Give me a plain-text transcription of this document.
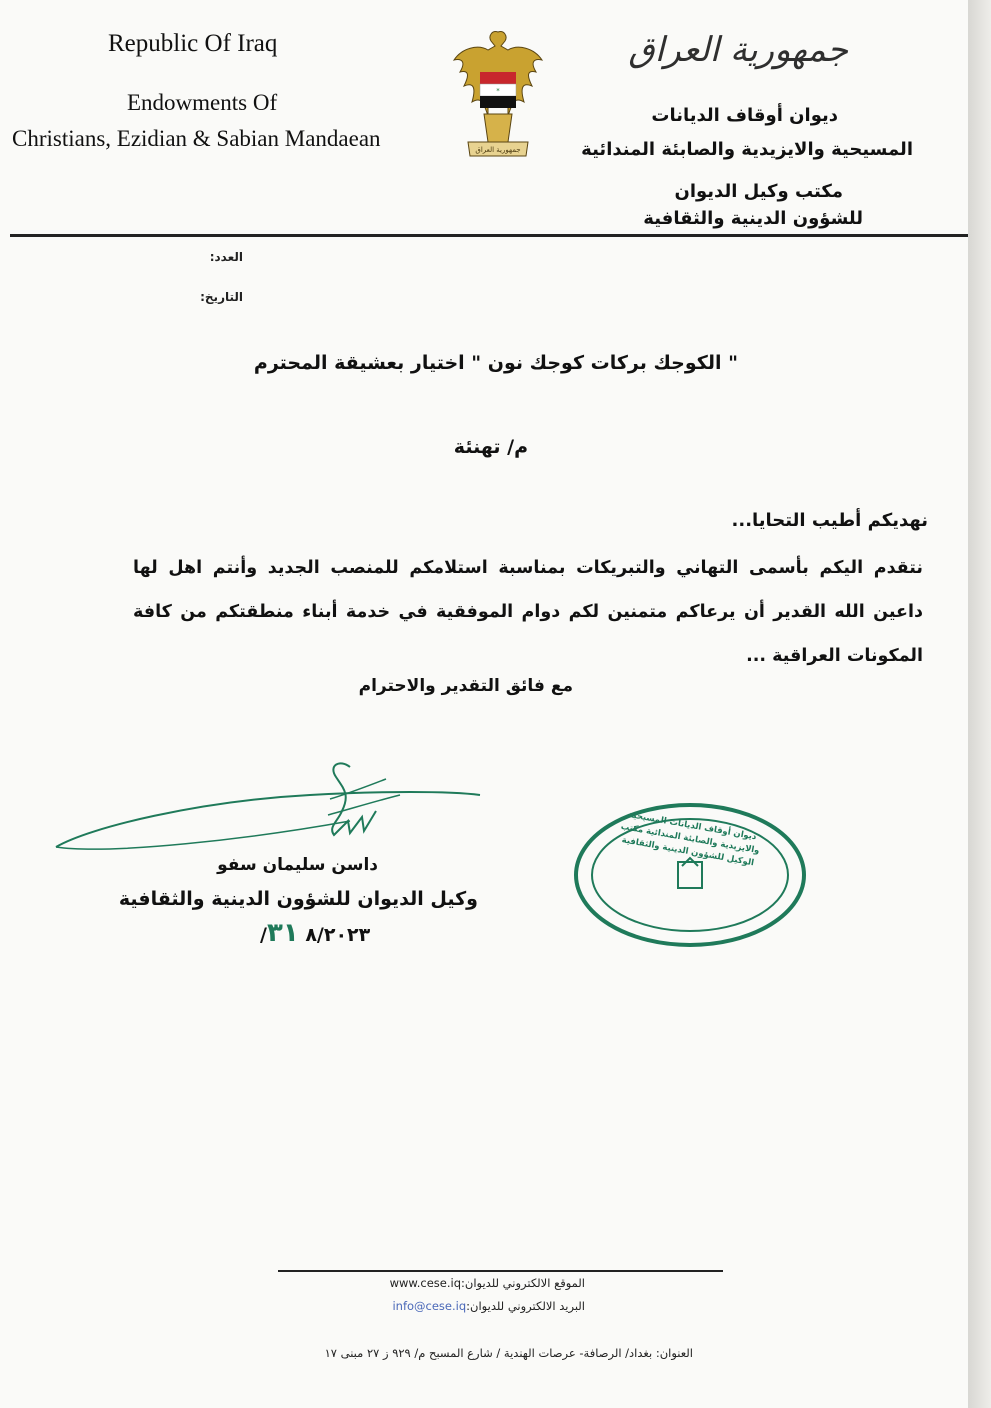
Republic Of Iraq
Endowments Of
Christians, Ezidian & Sabian Mandaean
*
جمهورية العراق
جمهورية العراق
ديوان أوقاف الديانات
المسيحية والايزيدية والصابئة المندائية
مكتب وكيل الديوان
للشؤون الدينية والثقافية
العدد:
التاريخ:
" الكوجك بركات كوجك نون " اختيار بعشيقة المحترم
م/ تهنئة
نهديكم أطيب التحايا...
نتقدم اليكم بأسمى التهاني والتبريكات بمناسبة استلامكم للمنصب الجديد وأنتم اهل لها داعين الله القدير أن يرعاكم متمنين لكم دوام الموفقية في خدمة أبناء منطقتكم من كافة المكونات العراقية ...
مع فائق التقدير والاحترام
داسن سليمان سفو
وكيل الديوان للشؤون الدينية والثقافية
/٨/٢٠٢٣ ٣١
ديوان أوقاف الديانات المسيحية والايزيدية والصابئة المندائية مكتب الوكيل للشؤون الدينية والثقافية
الموقع الالكتروني للديوان:www.cese.iq
البريد الالكتروني للديوان:info@cese.iq
العنوان: بغداد/ الرصافة- عرصات الهندية / شارع المسبح م/ ٩٢٩ ز ٢٧ مبنى ١٧
